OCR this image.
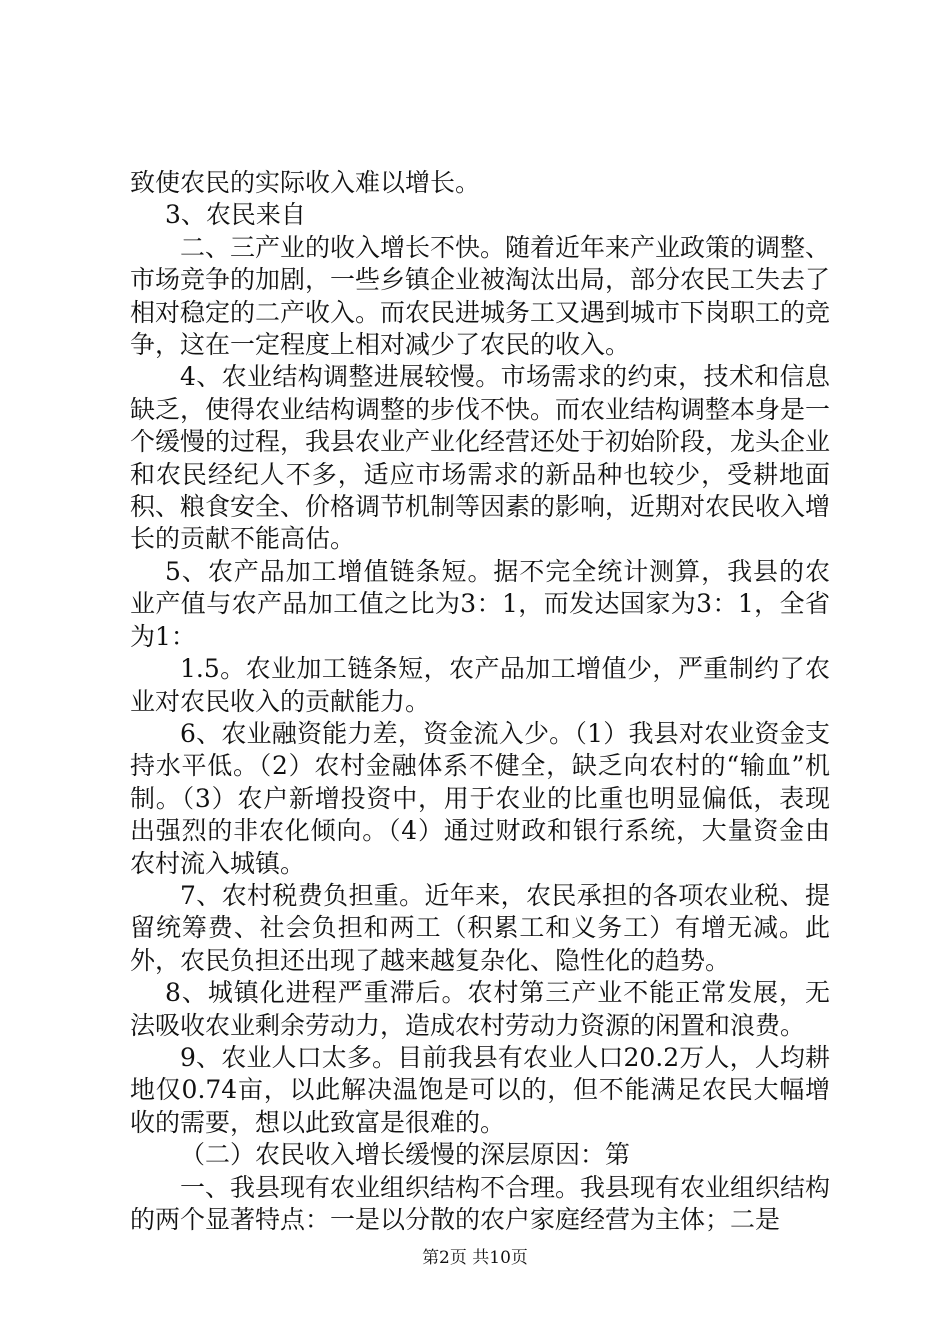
致使农民的实际收入难以增长。

3、农民来自

二、三产业的收入增长不快。随着近年来产业政策的调整、市场竞争的加剧，一些乡镇企业被淘汰出局，部分农民工失去了相对稳定的二产收入。而农民进城务工又遇到城市下岗职工的竞争，这在一定程度上相对减少了农民的收入。

4、农业结构调整进展较慢。市场需求的约束，技术和信息缺乏，使得农业结构调整的步伐不快。而农业结构调整本身是一个缓慢的过程，我县农业产业化经营还处于初始阶段，龙头企业和农民经纪人不多，适应市场需求的新品种也较少，受耕地面积、粮食安全、价格调节机制等因素的影响，近期对农民收入增长的贡献不能高估。

5、农产品加工增值链条短。据不完全统计测算，我县的农业产值与农产品加工值之比为3：1，而发达国家为3：1，全省为1：

1.5。农业加工链条短，农产品加工增值少，严重制约了农业对农民收入的贡献能力。

6、农业融资能力差，资金流入少。（1）我县对农业资金支持水平低。（2）农村金融体系不健全，缺乏向农村的“输血”机制。（3）农户新增投资中，用于农业的比重也明显偏低，表现出强烈的非农化倾向。（4）通过财政和银行系统，大量资金由农村流入城镇。

7、农村税费负担重。近年来，农民承担的各项农业税、提留统筹费、社会负担和两工（积累工和义务工）有增无减。此外，农民负担还出现了越来越复杂化、隐性化的趋势。

8、城镇化进程严重滞后。农村第三产业不能正常发展，无法吸收农业剩余劳动力，造成农村劳动力资源的闲置和浪费。

9、农业人口太多。目前我县有农业人口20.2万人，人均耕地仅0.74亩，以此解决温饱是可以的，但不能满足农民大幅增收的需要，想以此致富是很难的。

（二）农民收入增长缓慢的深层原因：第

一、我县现有农业组织结构不合理。我县现有农业组织结构的两个显著特点：一是以分散的农户家庭经营为主体；二是

第2页 共10页
